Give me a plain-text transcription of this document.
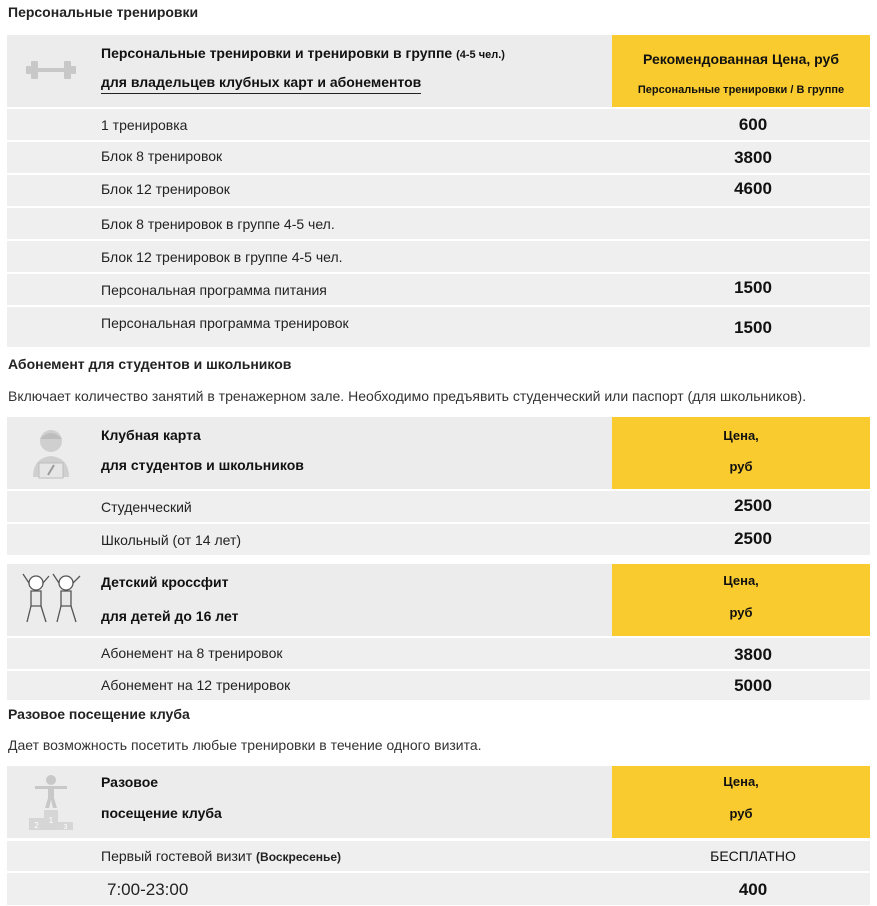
Персональные тренировки
Персональные тренировки и тренировки в группе (4-5 чел.)
для владельцев клубных карт и абонементов
Рекомендованная Цена, руб
Персональные тренировки / В группе
1 тренировка	600
Блок 8 тренировок	3800
Блок 12 тренировок	4600
Блок 8 тренировок в группе 4-5 чел.
Блок 12 тренировок в группе 4-5 чел.
Персональная программа питания	1500
Персональная программа тренировок	1500
Абонемент для студентов и школьников
Включает количество занятий в тренажерном зале. Необходимо предъявить студенческий или паспорт (для школьников).
Клубная карта
для студентов и школьников
Цена,
руб
Студенческий	2500
Школьный (от 14 лет)	2500
Детский кроссфит
для детей до 16 лет
Цена,
руб
Абонемент на 8 тренировок	3800
Абонемент на 12 тренировок	5000
Разовое посещение клуба
Дает возможность посетить любые тренировки в течение одного визита.
1
2	3
Разовое
посещение клуба
Цена,
руб
Первый гостевой визит (Воскресенье)	БЕСПЛАТНО
7:00-23:00	400
